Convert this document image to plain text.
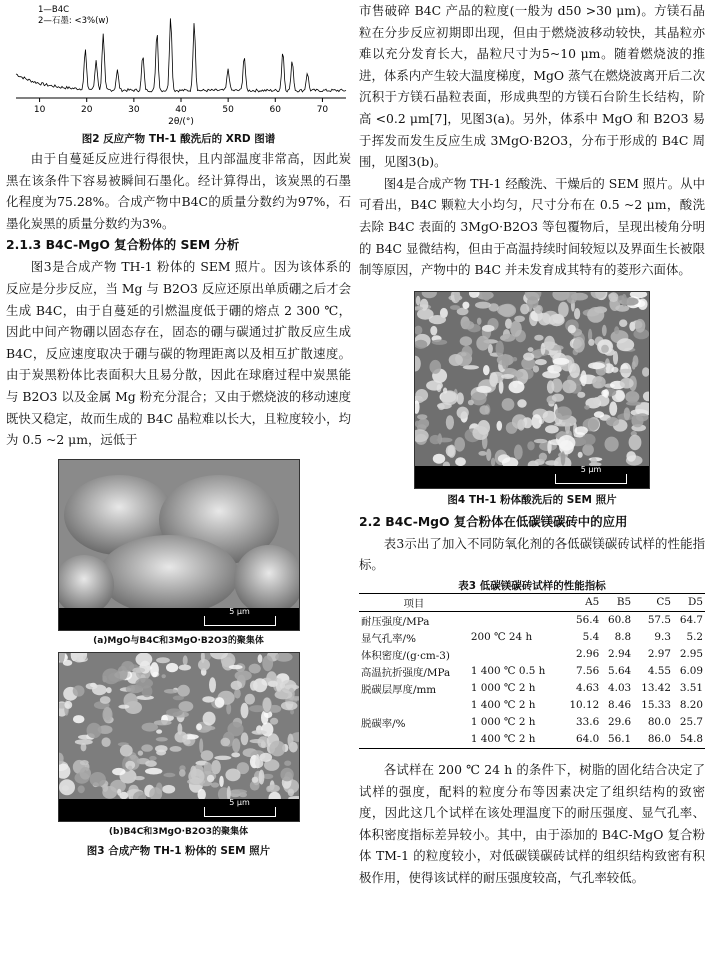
1—B4C
2—石墨: <3%(w)
10	20	30	40	50	60	70
2θ/(°)
图2 反应产物 TH-1 酸洗后的 XRD 图谱

由于自蔓延反应进行得很快，且内部温度非常高，因此炭黑在该条件下容易被瞬间石墨化。经计算得出，该炭黑的石墨化程度为75.28%。合成产物中B4C的质量分数约为97%，石墨化炭黑的质量分数约为3%。

2.1.3 B4C-MgO 复合粉体的 SEM 分析

图3是合成产物 TH-1 粉体的 SEM 照片。因为该体系的反应是分步反应，当 Mg 与 B2O3 反应还原出单质硼之后才会生成 B4C，由于自蔓延的引燃温度低于硼的熔点 2 300 ℃，因此中间产物硼以固态存在，固态的硼与碳通过扩散反应生成 B4C，反应速度取决于硼与碳的物理距离以及相互扩散速度。由于炭黑粉体比表面积大且易分散，因此在球磨过程中炭黑能与 B2O3 以及金属 Mg 粉充分混合；又由于燃烧波的移动速度既快又稳定，故而生成的 B4C 晶粒难以长大，且粒度较小，均为 0.5 ~2 μm，远低于

5 μm
(a)MgO与B4C和3MgO·B2O3的聚集体
5 μm
(b)B4C和3MgO·B2O3的聚集体
图3 合成产物 TH-1 粉体的 SEM 照片

市售破碎 B4C 产品的粒度(一般为 d50 >30 μm)。方镁石晶粒在分步反应初期即出现，但由于燃烧波移动较快，其晶粒亦难以充分发育长大，晶粒尺寸为5~10 μm。随着燃烧波的推进，体系内产生较大温度梯度，MgO 蒸气在燃烧波离开后二次沉积于方镁石晶粒表面，形成典型的方镁石台阶生长结构，阶高 <0.2 μm[7]，见图3(a)。另外，体系中 MgO 和 B2O3 易于挥发而发生反应生成 3MgO·B2O3，分布于形成的 B4C 周围，见图3(b)。

图4是合成产物 TH-1 经酸洗、干燥后的 SEM 照片。从中可看出，B4C 颗粒大小均匀，尺寸分布在 0.5 ~2 μm，酸洗去除 B4C 表面的 3MgO·B2O3 等包覆物后，呈现出棱角分明的 B4C 显微结构，但由于高温持续时间较短以及界面生长被限制等原因，产物中的 B4C 并未发育成其特有的菱形六面体。

5 μm
图4 TH-1 粉体酸洗后的 SEM 照片
2.2 B4C-MgO 复合粉体在低碳镁碳砖中的应用

表3示出了加入不同防氧化剂的各低碳镁碳砖试样的性能指标。

表3 低碳镁碳砖试样的性能指标
项目		A5	B5	C5	D5
耐压强度/MPa		56.4	60.8	57.5	64.7
显气孔率/%	200 ℃ 24 h	5.4	8.8	9.3	5.2
体积密度/(g·cm-3)		2.96	2.94	2.97	2.95
高温抗折强度/MPa	1 400 ℃ 0.5 h	7.56	5.64	4.55	6.09
脱碳层厚度/mm	1 000 ℃ 2 h	4.63	4.03	13.42	3.51
	1 400 ℃ 2 h	10.12	8.46	15.33	8.20
脱碳率/%	1 000 ℃ 2 h	33.6	29.6	80.0	25.7
	1 400 ℃ 2 h	64.0	56.1	86.0	54.8

各试样在 200 ℃ 24 h 的条件下，树脂的固化结合决定了试样的强度，配料的粒度分布等因素决定了组织结构的致密度，因此这几个试样在该处理温度下的耐压强度、显气孔率、体积密度指标差异较小。其中，由于添加的 B4C-MgO 复合粉体 TM-1 的粒度较小，对低碳镁碳砖试样的组织结构致密有积极作用，使得该试样的耐压强度较高，气孔率较低。
